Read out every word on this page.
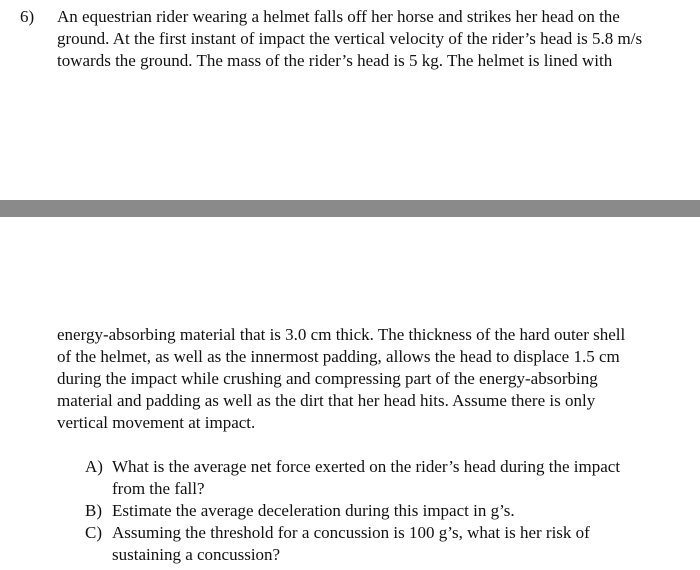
6) An equestrian rider wearing a helmet falls off her horse and strikes her head on the
ground. At the first instant of impact the vertical velocity of the rider’s head is 5.8 m/s
towards the ground. The mass of the rider’s head is 5 kg. The helmet is lined with
energy-absorbing material that is 3.0 cm thick. The thickness of the hard outer shell
of the helmet, as well as the innermost padding, allows the head to displace 1.5 cm
during the impact while crushing and compressing part of the energy-absorbing
material and padding as well as the dirt that her head hits. Assume there is only
vertical movement at impact.
A) What is the average net force exerted on the rider’s head during the impact
from the fall?
B) Estimate the average deceleration during this impact in g’s.
C) Assuming the threshold for a concussion is 100 g’s, what is her risk of
sustaining a concussion?
